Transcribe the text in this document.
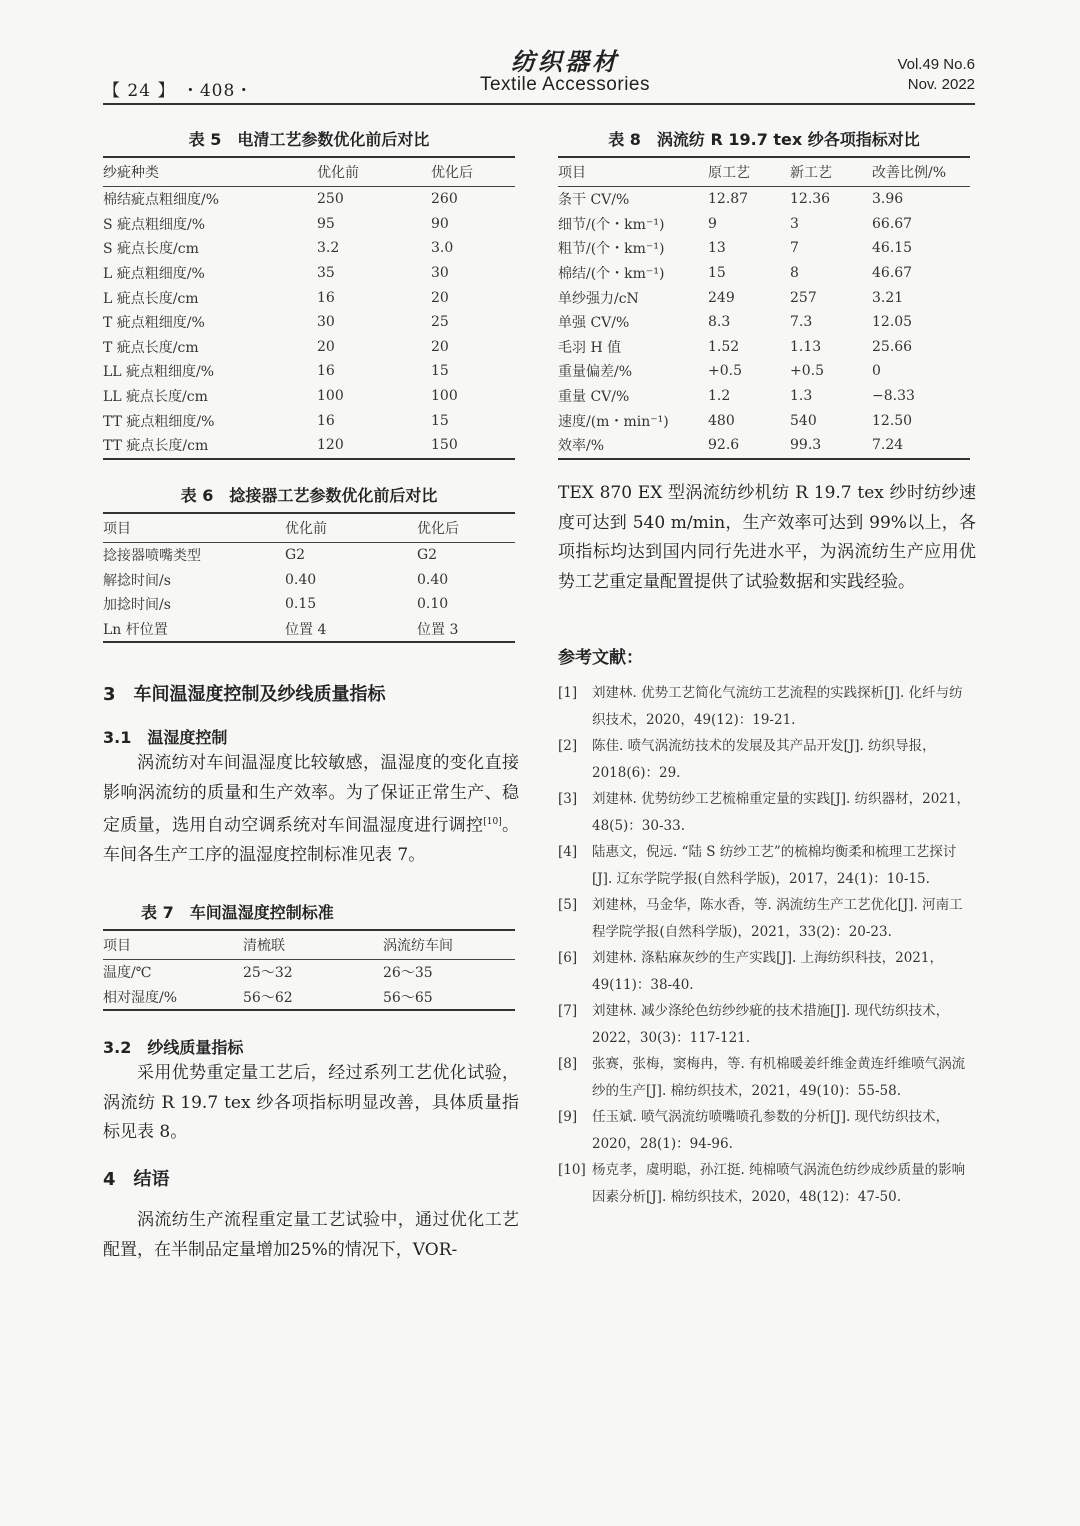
【 24 】 ・408・
纺织器材
Textile Accessories
Vol.49 No.6
Nov. 2022
表 5　电清工艺参数优化前后对比
纱疵种类	优化前	优化后
棉结疵点粗细度/%	250	260
S 疵点粗细度/%	95	90
S 疵点长度/cm	3.2	3.0
L 疵点粗细度/%	35	30
L 疵点长度/cm	16	20
T 疵点粗细度/%	30	25
T 疵点长度/cm	20	20
LL 疵点粗细度/%	16	15
LL 疵点长度/cm	100	100
TT 疵点粗细度/%	16	15
TT 疵点长度/cm	120	150
表 6　捻接器工艺参数优化前后对比
项目	优化前	优化后
捻接器喷嘴类型	G2	G2
解捻时间/s	0.40	0.40
加捻时间/s	0.15	0.10
Ln 杆位置	位置 4	位置 3
3　车间温湿度控制及纱线质量指标
3.1　温湿度控制
涡流纺对车间温湿度比较敏感，温湿度的变化直接影响涡流纺的质量和生产效率。为了保证正常生产、稳定质量，选用自动空调系统对车间温湿度进行调控[10]。车间各生产工序的温湿度控制标准见表 7。
表 7　车间温湿度控制标准
项目	清梳联	涡流纺车间
温度/℃	25～32	26～35
相对湿度/%	56～62	56～65
3.2　纱线质量指标
采用优势重定量工艺后，经过系列工艺优化试验，涡流纺 R 19.7 tex 纱各项指标明显改善，具体质量指标见表 8。
4　结语
涡流纺生产流程重定量工艺试验中，通过优化工艺配置，在半制品定量增加25%的情况下，VOR-
表 8　涡流纺 R 19.7 tex 纱各项指标对比
项目	原工艺	新工艺	改善比例/%
条干 CV/%	12.87	12.36	3.96
细节/(个・km⁻¹)	9	3	66.67
粗节/(个・km⁻¹)	13	7	46.15
棉结/(个・km⁻¹)	15	8	46.67
单纱强力/cN	249	257	3.21
单强 CV/%	8.3	7.3	12.05
毛羽 H 值	1.52	1.13	25.66
重量偏差/%	+0.5	+0.5	0
重量 CV/%	1.2	1.3	−8.33
速度/(m・min⁻¹)	480	540	12.50
效率/%	92.6	99.3	7.24
TEX 870 EX 型涡流纺纱机纺 R 19.7 tex 纱时纺纱速度可达到 540 m/min，生产效率可达到 99%以上，各项指标均达到国内同行先进水平，为涡流纺生产应用优势工艺重定量配置提供了试验数据和实践经验。
参考文献：
[1] 刘建林. 优势工艺简化气流纺工艺流程的实践探析[J]. 化纤与纺织技术，2020，49(12)：19-21.
[2] 陈佳. 喷气涡流纺技术的发展及其产品开发[J]. 纺织导报，2018(6)：29.
[3] 刘建林. 优势纺纱工艺梳棉重定量的实践[J]. 纺织器材，2021，48(5)：30-33.
[4] 陆惠文，倪远. “陆 S 纺纱工艺”的梳棉均衡柔和梳理工艺探讨[J]. 辽东学院学报(自然科学版)，2017，24(1)：10-15.
[5] 刘建林，马金华，陈水香，等. 涡流纺生产工艺优化[J]. 河南工程学院学报(自然科学版)，2021，33(2)：20-23.
[6] 刘建林. 涤粘麻灰纱的生产实践[J]. 上海纺织科技，2021，49(11)：38-40.
[7] 刘建林. 减少涤纶色纺纱纱疵的技术措施[J]. 现代纺织技术，2022，30(3)：117-121.
[8] 张赛，张梅，窦梅冉，等. 有机棉暖姜纤维金黄连纤维喷气涡流纱的生产[J]. 棉纺织技术，2021，49(10)：55-58.
[9] 任玉斌. 喷气涡流纺喷嘴喷孔参数的分析[J]. 现代纺织技术，2020，28(1)：94-96.
[10] 杨克孝，虞明聪，孙江挺. 纯棉喷气涡流色纺纱成纱质量的影响因素分析[J]. 棉纺织技术，2020，48(12)：47-50.
